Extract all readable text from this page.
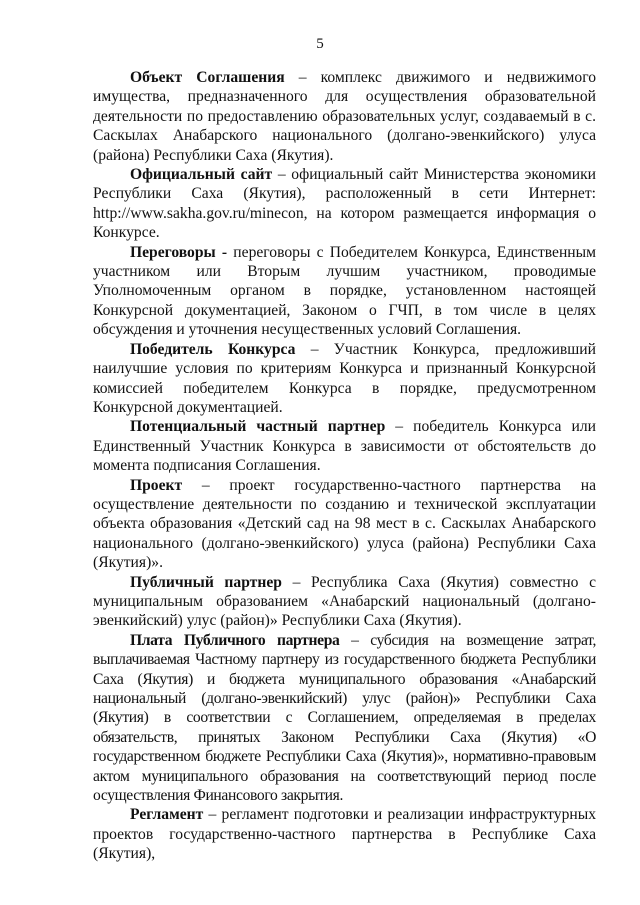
5

Объект Соглашения – комплекс движимого и недвижимого имущества, предназначенного для осуществления образовательной деятельности по предоставлению образовательных услуг, создаваемый в с. Саскылах Анабарского национального (долгано-эвенкийского) улуса (района) Республики Саха (Якутия).

Официальный сайт – официальный сайт Министерства экономики Республики Саха (Якутия), расположенный в сети Интернет: http://www.sakha.gov.ru/minecon, на котором размещается информация о Конкурсе.

Переговоры - переговоры с Победителем Конкурса, Единственным участником или Вторым лучшим участником, проводимые Уполномоченным органом в порядке, установленном настоящей Конкурсной документацией, Законом о ГЧП, в том числе в целях обсуждения и уточнения несущественных условий Соглашения.

Победитель Конкурса – Участник Конкурса, предложивший наилучшие условия по критериям Конкурса и признанный Конкурсной комиссией победителем Конкурса в порядке, предусмотренном Конкурсной документацией.

Потенциальный частный партнер – победитель Конкурса или Единственный Участник Конкурса в зависимости от обстоятельств до момента подписания Соглашения.

Проект – проект государственно-частного партнерства на осуществление деятельности по созданию и технической эксплуатации объекта образования «Детский сад на 98 мест в с. Саскылах Анабарского национального (долгано-эвенкийского) улуса (района) Республики Саха (Якутия)».

Публичный партнер – Республика Саха (Якутия) совместно с муниципальным образованием «Анабарский национальный (долгано-эвенкийский) улус (район)» Республики Саха (Якутия).

Плата Публичного партнера – субсидия на возмещение затрат, выплачиваемая Частному партнеру из государственного бюджета Республики Саха (Якутия) и бюджета муниципального образования «Анабарский национальный (долгано-эвенкийский) улус (район)» Республики Саха (Якутия) в соответствии с Соглашением, определяемая в пределах обязательств, принятых Законом Республики Саха (Якутия) «О государственном бюджете Республики Саха (Якутия)», нормативно-правовым актом муниципального образования на соответствующий период после осуществления Финансового закрытия.

Регламент – регламент подготовки и реализации инфраструктурных проектов государственно-частного партнерства в Республике Саха (Якутия),
